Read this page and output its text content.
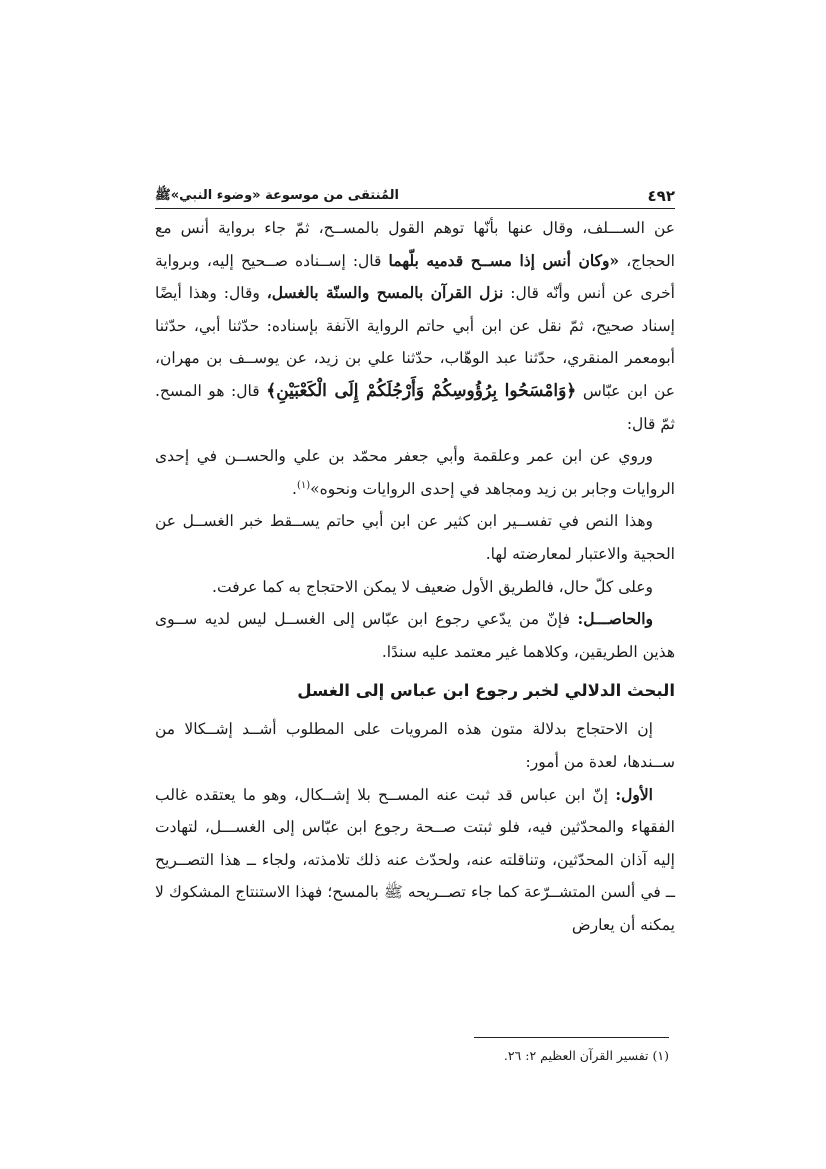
٤٩٢
المُنتقى من موسوعة «وضوء النبي»ﷺ

عن الســـلف، وقال عنها بأنّها توهم القول بالمســح، ثمّ جاء برواية أنس مع الحجاج، «وكان أنس إذا مســح قدميه بلّهما قال: إســناده صــحيح إليه، وبرواية أخرى عن أنس وأنّه قال: نزل القرآن بالمسح والسنّة بالغسل، وقال: وهذا أيضًا إسناد صحيح، ثمّ نقل عن ابن أبي حاتم الرواية الآنفة بإسناده: حدّثنا أبي، حدّثنا أبومعمر المنقري، حدّثنا عبد الوهّاب، حدّثنا علي بن زيد، عن يوســف بن مهران، عن ابن عبّاس ﴿وَامْسَحُوا بِرُؤُوسِكُمْ وَأَرْجُلَكُمْ إِلَى الْكَعْبَيْنِ﴾ قال: هو المسح. ثمّ قال:

وروي عن ابن عمر وعلقمة وأبي جعفر محمّد بن علي والحســن في إحدى الروايات وجابر بن زيد ومجاهد في إحدى الروايات ونحوه»$^{(١)}$.

وهذا النص في تفســير ابن كثير عن ابن أبي حاتم يســقط خبر الغســل عن الحجية والاعتبار لمعارضته لها.

وعلى كلّ حال، فالطريق الأول ضعيف لا يمكن الاحتجاج به كما عرفت.

والحاصـــل: فإنّ من يدّعي رجوع ابن عبّاس إلى الغســل ليس لديه ســوى هذين الطريقين، وكلاهما غير معتمد عليه سندًا.

البحث الدلالي لخبر رجوع ابن عباس إلى الغسل

إن الاحتجاج بدلالة متون هذه المرويات على المطلوب أشــد إشــكالا من ســندها، لعدة من أمور:

الأول: إنّ ابن عباس قد ثبت عنه المســح بلا إشــكال، وهو ما يعتقده غالب الفقهاء والمحدّثين فيه، فلو ثبتت صــحة رجوع ابن عبّاس إلى الغســـل، لتهادت إليه آذان المحدّثين، وتناقلته عنه، ولحدّث عنه ذلك تلامذته، ولجاء ــ هذا التصــريح ــ في ألسن المتشــرّعة كما جاء تصــريحه ﷺ بالمسح؛ فهذا الاستنتاج المشكوك لا يمكنه أن يعارض

(١) تفسير القرآن العظيم ٢: ٢٦.
